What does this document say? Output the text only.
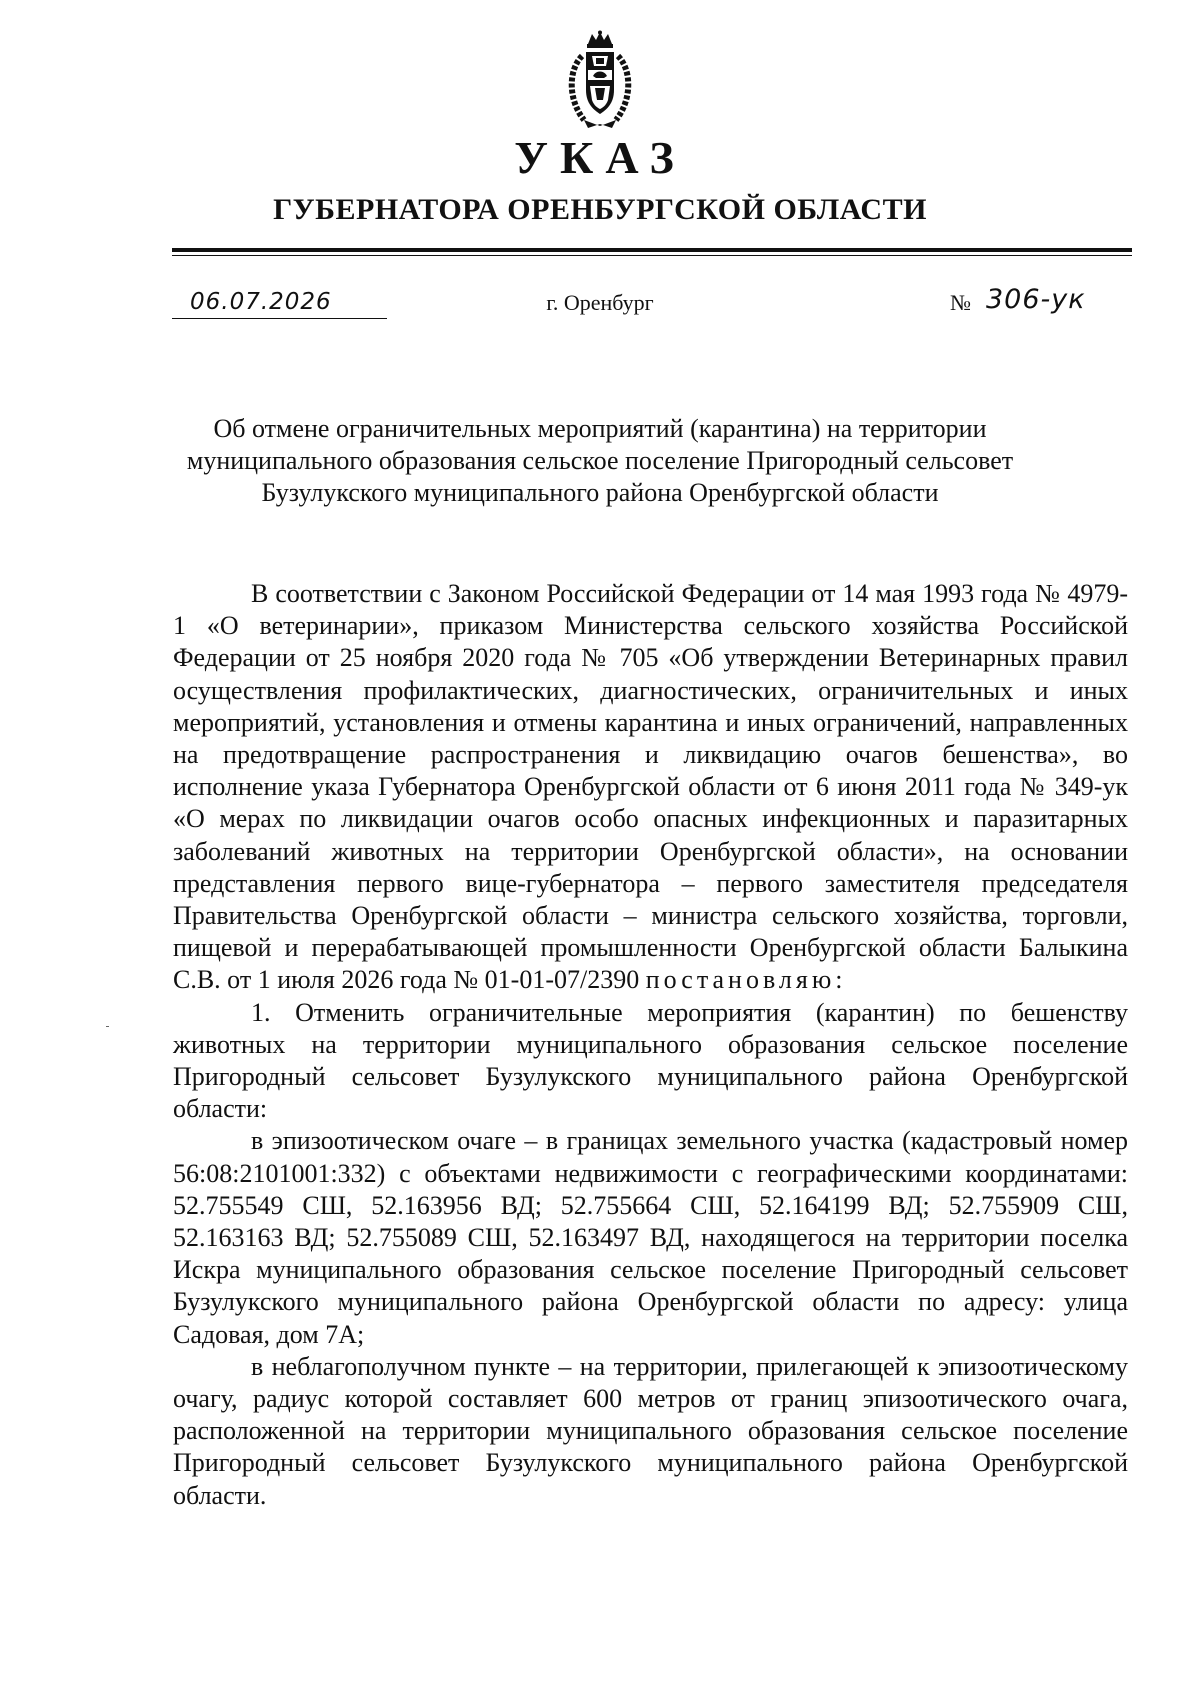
УКАЗ
ГУБЕРНАТОРА ОРЕНБУРГСКОЙ ОБЛАСТИ
06.07.2026	г. Оренбург	№ 306-ук

Об отмене ограничительных мероприятий (карантина) на территории муниципального образования сельское поселение Пригородный сельсовет Бузулукского муниципального района Оренбургской области

В соответствии с Законом Российской Федерации от 14 мая 1993 года № 4979-1 «О ветеринарии», приказом Министерства сельского хозяйства Российской Федерации от 25 ноября 2020 года № 705 «Об утверждении Ветеринарных правил осуществления профилактических, диагностических, ограничительных и иных мероприятий, установления и отмены карантина и иных ограничений, направленных на предотвращение распространения и ликвидацию очагов бешенства», во исполнение указа Губернатора Оренбургской области от 6 июня 2011 года № 349-ук «О мерах по ликвидации очагов особо опасных инфекционных и паразитарных заболеваний животных на территории Оренбургской области», на основании представления первого вице-губернатора – первого заместителя председателя Правительства Оренбургской области – министра сельского хозяйства, торговли, пищевой и перерабатывающей промышленности Оренбургской области Балыкина С.В. от 1 июля 2026 года № 01-01-07/2390 постановляю:

1. Отменить ограничительные мероприятия (карантин) по бешенству животных на территории муниципального образования сельское поселение Пригородный сельсовет Бузулукского муниципального района Оренбургской области:

в эпизоотическом очаге – в границах земельного участка (кадастровый номер 56:08:2101001:332) с объектами недвижимости с географическими координатами: 52.755549 СШ, 52.163956 ВД; 52.755664 СШ, 52.164199 ВД; 52.755909 СШ, 52.163163 ВД; 52.755089 СШ, 52.163497 ВД, находящегося на территории поселка Искра муниципального образования сельское поселение Пригородный сельсовет Бузулукского муниципального района Оренбургской области по адресу: улица Садовая, дом 7А;

в неблагополучном пункте – на территории, прилегающей к эпизоотическому очагу, радиус которой составляет 600 метров от границ эпизоотического очага, расположенной на территории муниципального образования сельское поселение Пригородный сельсовет Бузулукского муниципального района Оренбургской области.
